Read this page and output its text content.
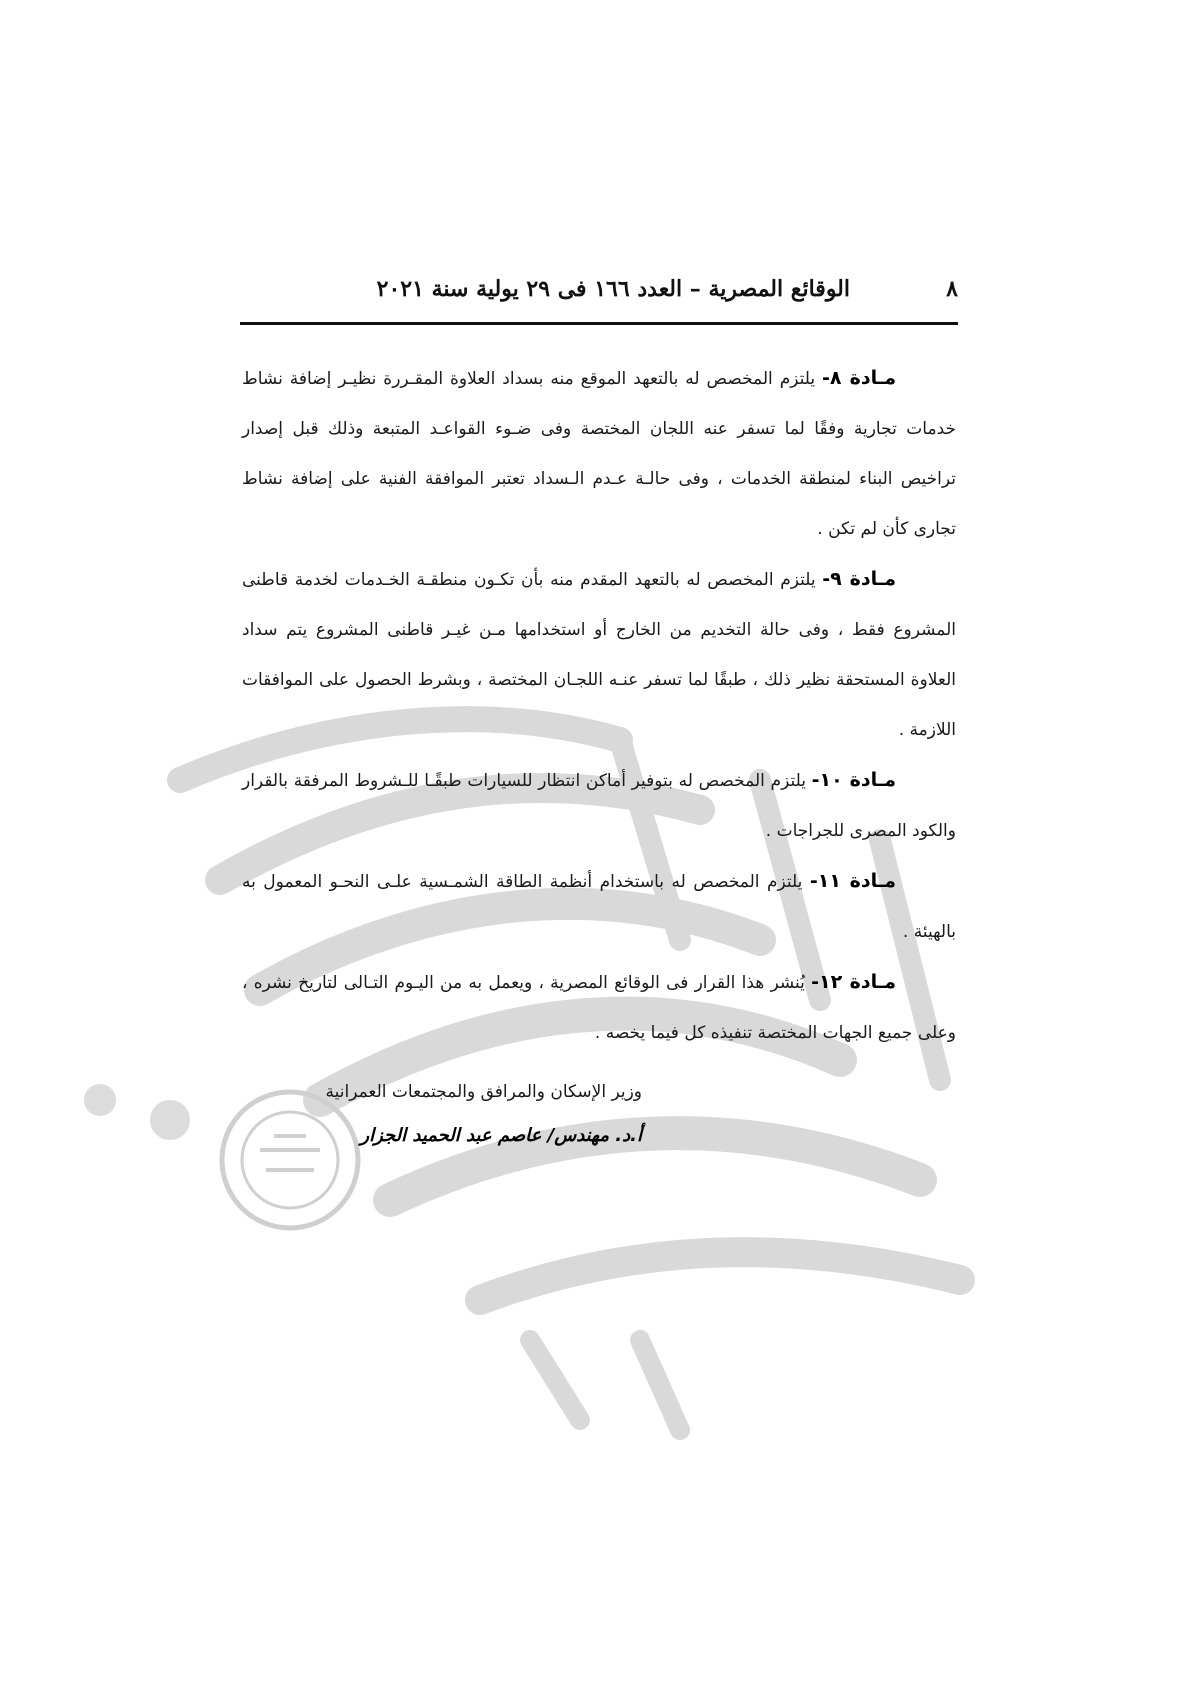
٨
الوقائع المصرية – العدد ١٦٦ فى ٢٩ يولية سنة ٢٠٢١

مـادة ٨- يلتزم المخصص له بالتعهد الموقع منه بسداد العلاوة المقـررة نظيـر إضافة نشاط خدمات تجارية وفقًا لما تسفر عنه اللجان المختصة وفى ضـوء القواعـد المتبعة وذلك قبل إصدار تراخيص البناء لمنطقة الخدمات ، وفى حالـة عـدم الـسداد تعتبر الموافقة الفنية على إضافة نشاط تجارى كأن لم تكن .

مـادة ٩- يلتزم المخصص له بالتعهد المقدم منه بأن تكـون منطقـة الخـدمات لخدمة قاطنى المشروع فقط ، وفى حالة التخديم من الخارج أو استخدامها مـن غيـر قاطنى المشروع يتم سداد العلاوة المستحقة نظير ذلك ، طبقًا لما تسفر عنـه اللجـان المختصة ، وبشرط الحصول على الموافقات اللازمة .

مـادة ١٠- يلتزم المخصص له بتوفير أماكن انتظار للسيارات طبقًـا للـشروط المرفقة بالقرار والكود المصرى للجراجات .

مـادة ١١- يلتزم المخصص له باستخدام أنظمة الطاقة الشمـسية علـى النحـو المعمول به بالهيئة .

مـادة ١٢- يُنشر هذا القرار فى الوقائع المصرية ، ويعمل به من اليـوم التـالى لتاريخ نشره ، وعلى جميع الجهات المختصة تنفيذه كل فيما يخصه .

وزير الإسكان والمرافق والمجتمعات العمرانية
أ.د. مهندس/ عاصم عبد الحميد الجزار
